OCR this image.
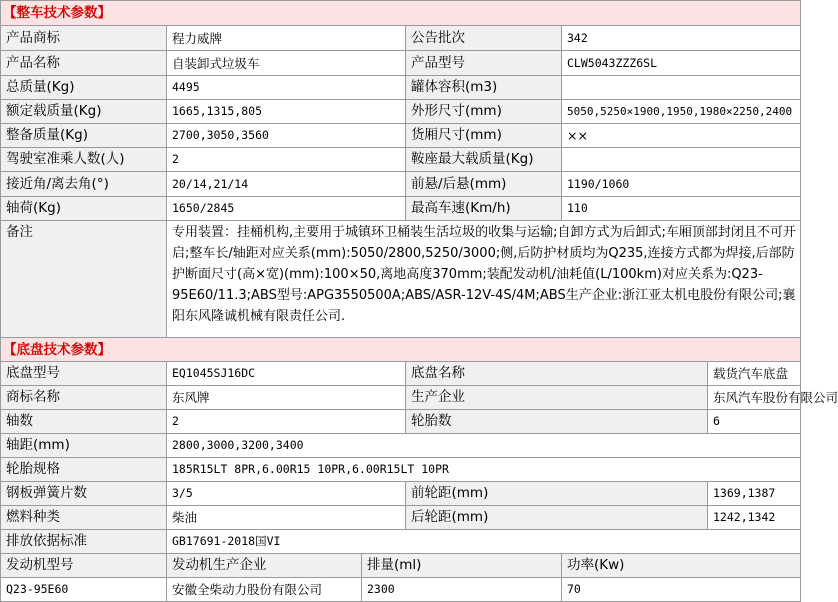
【整车技术参数】					
产品商标	程力威牌		公告批次	342	
产品名称	自装卸式垃圾车		产品型号	CLW5043ZZZ6SL	
总质量(Kg)	4495		罐体容积(m3)		
额定载质量(Kg)	1665,1315,805		外形尺寸(mm)	5050,5250×1900,1950,1980×2250,2400	
整备质量(Kg)	2700,3050,3560		货厢尺寸(mm)	××	
驾驶室准乘人数(人)	2		鞍座最大载质量(Kg)		
接近角/离去角(°)	20/14,21/14		前悬/后悬(mm)	1190/1060	
轴荷(Kg)	1650/2845		最高车速(Km/h)	110	
备注	专用装置：挂桶机构,主要用于城镇环卫桶装生活垃圾的收集与运输;自卸方式为后卸式;车厢顶部封闭且不可开启;整车长/轴距对应关系(mm):5050/2800,5250/3000;侧,后防护材质均为Q235,连接方式都为焊接,后部防护断面尺寸(高×宽)(mm):100×50,离地高度370mm;装配发动机/油耗值(L/100km)对应关系为:Q23-95E60/11.3;ABS型号:APG3550500A;ABS/ASR-12V-4S/4M;ABS生产企业:浙江亚太机电股份有限公司;襄阳东风隆诚机械有限责任公司.				
【底盘技术参数】					
底盘型号	EQ1045SJ16DC		底盘名称		载货汽车底盘
商标名称	东风牌		生产企业		东风汽车股份有限公司
轴数	2		轮胎数		6
轴距(mm)	2800,3000,3200,3400				
轮胎规格	185R15LT 8PR,6.00R15 10PR,6.00R15LT 10PR				
钢板弹簧片数	3/5		前轮距(mm)		1369,1387
燃料种类	柴油		后轮距(mm)		1242,1342
排放依据标准	GB17691-2018国VI				
发动机型号	发动机生产企业	排量(ml)		功率(Kw)	
Q23-95E60	安徽全柴动力股份有限公司	2300		70	
